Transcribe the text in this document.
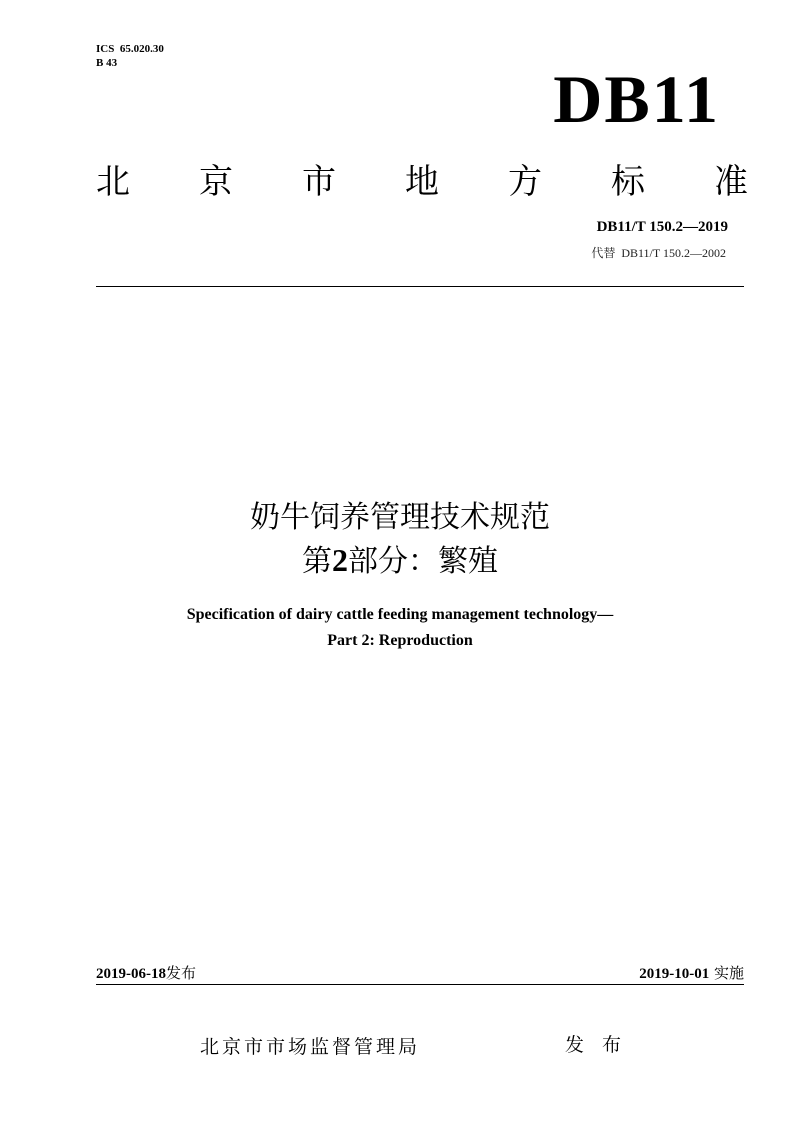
ICS  65.020.30
B 43	DB11
北 京 市 地 方 标 准
DB11/T 150.2—2019
代替  DB11/T 150.2—2002
奶牛饲养管理技术规范
第2部分：繁殖
Specification of dairy cattle feeding management technology—
Part 2: Reproduction
2019-06-18发布	2019-10-01 实施
北京市市场监督管理局	发 布
